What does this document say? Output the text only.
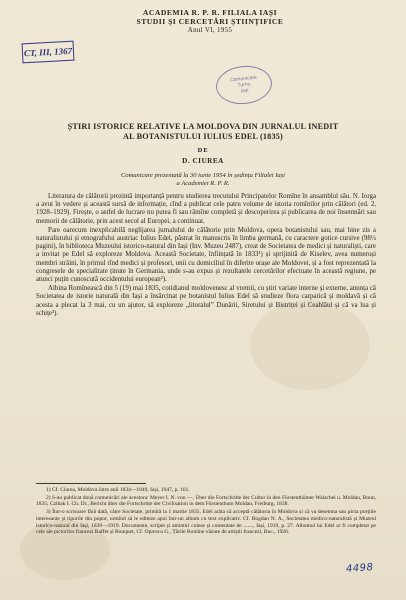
ACADEMIA R. P. R. FILIALA IAȘI
STUDII ȘI CERCETĂRI ȘTIINȚIFICE
Anul VI, 1955
CT, III, 1367
Comunicare
Turnu
Iași
ȘTIRI ISTORICE RELATIVE LA MOLDOVA DIN JURNALUL INEDIT
AL BOTANISTULUI IULIUS EDEL (1835)
DE
D. CIUREA
Comunicare prezentată la 30 iunie 1954 în ședința Filialei Iași
a Academiei R. P. R.

Literatura de călătorii prezintă importanță pentru studierea trecutului Principatelor Romîne în ansamblul său. N. Iorga a avut în vedere și această sursă de informație, cînd a publicat cele patru volume de istoria romînilor prin călători (ed. 2, 1928–1929). Firește, o astfel de lucrare nu putea fi sau rămîne completă și descoperirea și publicarea de noi însemnări sau memorii de călătorie, prin acest secol al Europei, a continuat.

Pare oarecum inexplicabilă neglijarea jurnalului de călătorie prin Moldova, opera botanistului sau, mai bine zis a naturalistului și etnografului austriac Iulius Edel, păstrat în manuscris în limba germană, cu caractere gotice cursive (98½ pagini), în biblioteca Muzeului istorico-natural din Iași (Inv. Muzeu 2487), creat de Societatea de medici și naturaliști, care a invitat pe Edel să exploreze Moldova. Această Societate, înființată în 1833¹) și sprijinită de Kiselev, avea numeroși membri străini, în primul rînd medici și profesori, unii cu domiciliul în diferite orașe ale Moldovei, și a fost reprezentată la congresele de specialitate ținute în Germania, unde s-au expus și rezultatele cercetărilor efectuate în această regiune, pe atunci puțin cunoscută occidentului european²).

Albina Romînească din 5 (19) mai 1835, cotidianul moldovenesc al vremii, cu știri variate interne și externe, anunța că Societatea de istorie naturală din Iași a însărcinat pe botanistul Iulius Edel să studieze flora carpatică și moldavă și că acesta a plecat la 3 mai, cu un ajutor, să exploreze „litoralul” Dunării, Siretului și Bistriței și Ceahlăul și că va lua și schițe³).

1) Cf. Ciurea, Moldova între anii 1834—1849, Iași, 1947, p. 161.

2) S-au publicat două comunicări ale acestora: Meyer I. N. von —, Über die Fortschritte der Cultur in den Fürstenthümer Walachei u. Moldau, Bonn, 1835; Czihak I. Ch. Dr., Bericht über die Fortschritte der Civilisation in dem Fürstenthum Moldau, Freiburg, 1838.

3) Într-o scrisoare fără dată, către Societate, primită la 1 martie 1835, Edel arăta că acceptă călătoria în Moldova și că va desemna sau picta porțiile interesante și tipurile din popor, urmînd să le editeze apoi într-un album cu text explicativ. Cf. Bogdan N. A., Societatea medico-naturalistă și Muzeul istorico-natural din Iași, 1830—1919. Documente, scripte și amintiri culese și comentate de ......., Iași, 1919, p. 27. Albumul lui Edel ar fi completat pe cele ale pictorilor francezi Raffet și Bouquet, Cf. Oprescu G., Țările Romîne văzute de artiștii francezi, Buc., 1926.

4498
